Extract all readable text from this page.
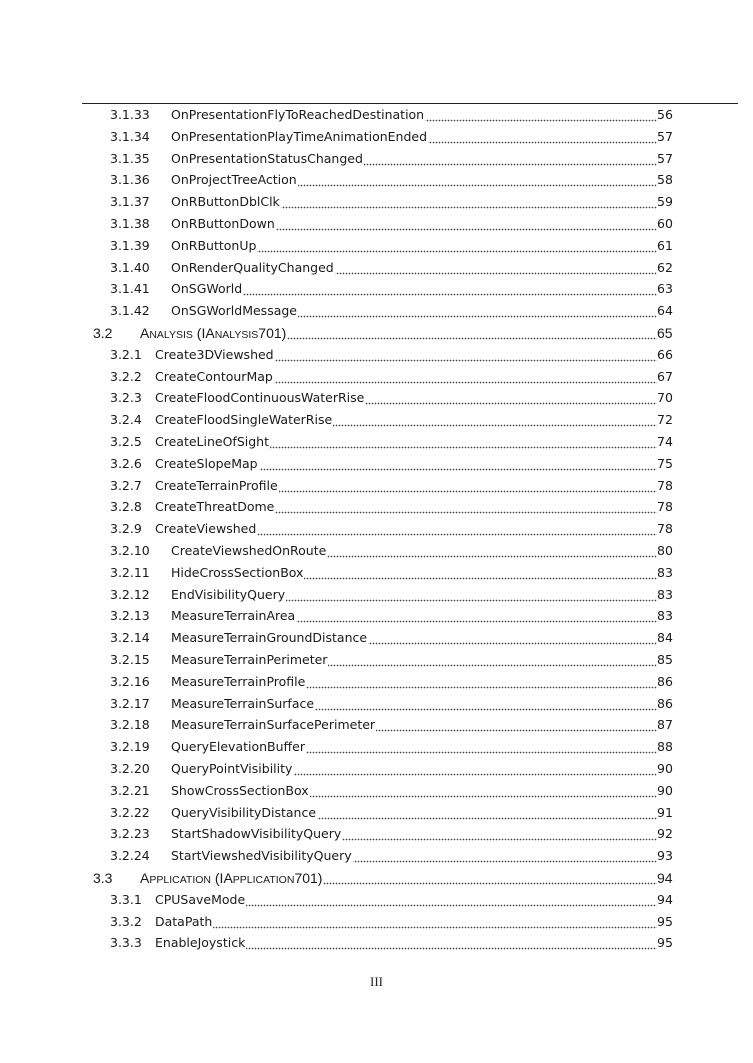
3.1.33 OnPresentationFlyToReachedDestination	56
3.1.34 OnPresentationPlayTimeAnimationEnded	57
3.1.35 OnPresentationStatusChanged	57
3.1.36 OnProjectTreeAction	58
3.1.37 OnRButtonDblClk	59
3.1.38 OnRButtonDown	60
3.1.39 OnRButtonUp	61
3.1.40 OnRenderQualityChanged	62
3.1.41 OnSGWorld	63
3.1.42 OnSGWorldMessage	64
3.2 ANALYSIS (IANALYSIS701)	65
3.2.1 Create3DViewshed	66
3.2.2 CreateContourMap	67
3.2.3 CreateFloodContinuousWaterRise	70
3.2.4 CreateFloodSingleWaterRise	72
3.2.5 CreateLineOfSight	74
3.2.6 CreateSlopeMap	75
3.2.7 CreateTerrainProfile	78
3.2.8 CreateThreatDome	78
3.2.9 CreateViewshed	78
3.2.10 CreateViewshedOnRoute	80
3.2.11 HideCrossSectionBox	83
3.2.12 EndVisibilityQuery	83
3.2.13 MeasureTerrainArea	83
3.2.14 MeasureTerrainGroundDistance	84
3.2.15 MeasureTerrainPerimeter	85
3.2.16 MeasureTerrainProfile	86
3.2.17 MeasureTerrainSurface	86
3.2.18 MeasureTerrainSurfacePerimeter	87
3.2.19 QueryElevationBuffer	88
3.2.20 QueryPointVisibility	90
3.2.21 ShowCrossSectionBox	90
3.2.22 QueryVisibilityDistance	91
3.2.23 StartShadowVisibilityQuery	92
3.2.24 StartViewshedVisibilityQuery	93
3.3 APPLICATION (IAPPLICATION701)	94
3.3.1 CPUSaveMode	94
3.3.2 DataPath	95
3.3.3 EnableJoystick	95
III
